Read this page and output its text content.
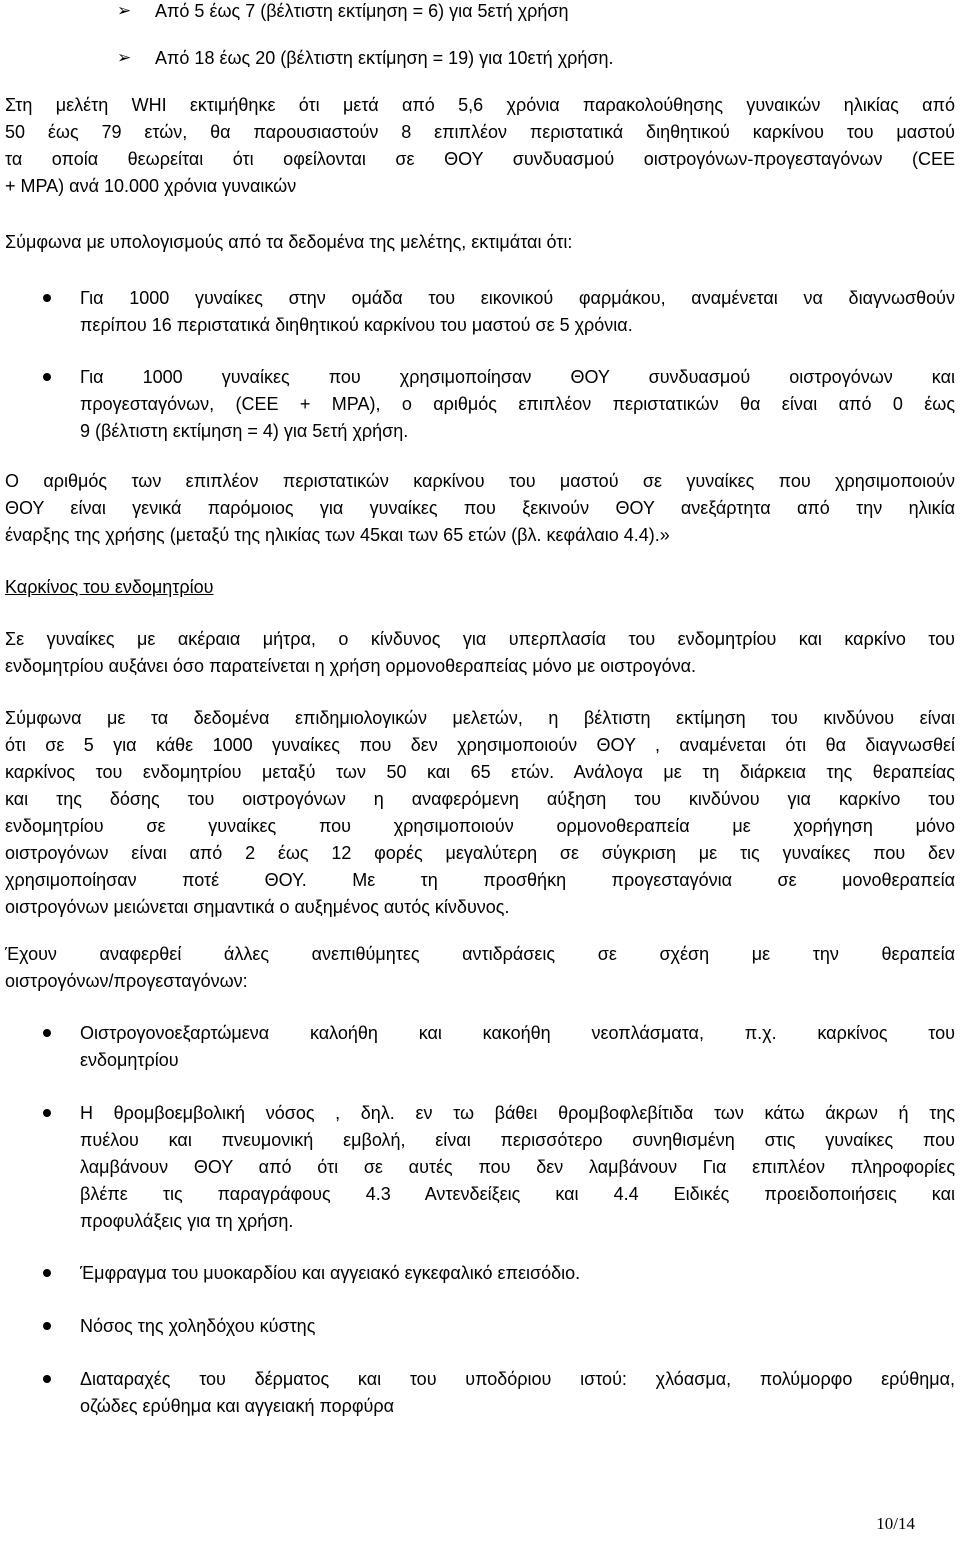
➢	Από 5 έως 7 (βέλτιστη εκτίμηση = 6) για 5ετή χρήση
➢	Από 18 έως 20 (βέλτιστη εκτίμηση = 19) για 10ετή χρήση.
Στη μελέτη WHI εκτιμήθηκε ότι μετά από 5,6 χρόνια παρακολούθησης γυναικών ηλικίας από
50 έως 79 ετών, θα παρουσιαστούν 8 επιπλέον περιστατικά διηθητικού καρκίνου του μαστού
τα οποία θεωρείται ότι οφείλονται σε ΘΟΥ συνδυασμού οιστρογόνων-προγεσταγόνων (CEE
+ MPA) ανά 10.000 χρόνια γυναικών
Σύμφωνα με υπολογισμούς από τα δεδομένα της μελέτης, εκτιμάται ότι:
Για 1000 γυναίκες στην ομάδα του εικονικού φαρμάκου, αναμένεται να διαγνωσθούν
περίπου 16 περιστατικά διηθητικού καρκίνου του μαστού σε 5 χρόνια.
Για 1000 γυναίκες που χρησιμοποίησαν ΘΟΥ συνδυασμού οιστρογόνων και
προγεσταγόνων, (CEE + MPA), ο αριθμός επιπλέον περιστατικών θα είναι από 0 έως
9 (βέλτιστη εκτίμηση = 4) για 5ετή χρήση.
Ο αριθμός των επιπλέον περιστατικών καρκίνου του μαστού σε γυναίκες που χρησιμοποιούν
ΘΟΥ είναι γενικά παρόμοιος για γυναίκες που ξεκινούν ΘΟΥ ανεξάρτητα από την ηλικία
έναρξης της χρήσης (μεταξύ της ηλικίας των 45και των 65 ετών (βλ. κεφάλαιο 4.4).»
Καρκίνος του ενδομητρίου
Σε γυναίκες με ακέραια μήτρα, ο κίνδυνος για υπερπλασία του ενδομητρίου και καρκίνο του
ενδομητρίου αυξάνει όσο παρατείνεται η χρήση ορμονοθεραπείας μόνο με οιστρογόνα.
Σύμφωνα με τα δεδομένα επιδημιολογικών μελετών, η βέλτιστη εκτίμηση του κινδύνου είναι
ότι σε 5 για κάθε 1000 γυναίκες που δεν χρησιμοποιούν ΘΟΥ , αναμένεται ότι θα διαγνωσθεί
καρκίνος του ενδομητρίου μεταξύ των 50 και 65 ετών. Ανάλογα με τη διάρκεια της θεραπείας
και της δόσης του οιστρογόνων η αναφερόμενη αύξηση του κινδύνου για καρκίνο του
ενδομητρίου σε γυναίκες που χρησιμοποιούν ορμονοθεραπεία με χορήγηση μόνο
οιστρογόνων είναι από 2 έως 12 φορές μεγαλύτερη σε σύγκριση με τις γυναίκες που δεν
χρησιμοποίησαν ποτέ ΘΟΥ. Με τη προσθήκη προγεσταγόνια σε μονοθεραπεία
οιστρογόνων μειώνεται σημαντικά ο αυξημένος αυτός κίνδυνος.
Έχουν αναφερθεί άλλες ανεπιθύμητες αντιδράσεις σε σχέση με την θεραπεία
οιστρογόνων/προγεσταγόνων:
Οιστρογονοεξαρτώμενα καλοήθη και κακοήθη νεοπλάσματα, π.χ. καρκίνος του
ενδομητρίου
Η θρομβοεμβολική νόσος , δηλ. εν τω βάθει θρομβοφλεβίτιδα των κάτω άκρων ή της
πυέλου και πνευμονική εμβολή, είναι περισσότερο συνηθισμένη στις γυναίκες που
λαμβάνουν ΘΟΥ από ότι σε αυτές που δεν λαμβάνουν Για επιπλέον πληροφορίες
βλέπε τις παραγράφους 4.3 Αντενδείξεις και 4.4 Ειδικές προειδοποιήσεις και
προφυλάξεις για τη χρήση.
Έμφραγμα του μυοκαρδίου και αγγειακό εγκεφαλικό επεισόδιο.
Νόσος της χοληδόχου κύστης
Διαταραχές του δέρματος και του υποδόριου ιστού: χλόασμα, πολύμορφο ερύθημα,
οζώδες ερύθημα και αγγειακή πορφύρα
10/14
